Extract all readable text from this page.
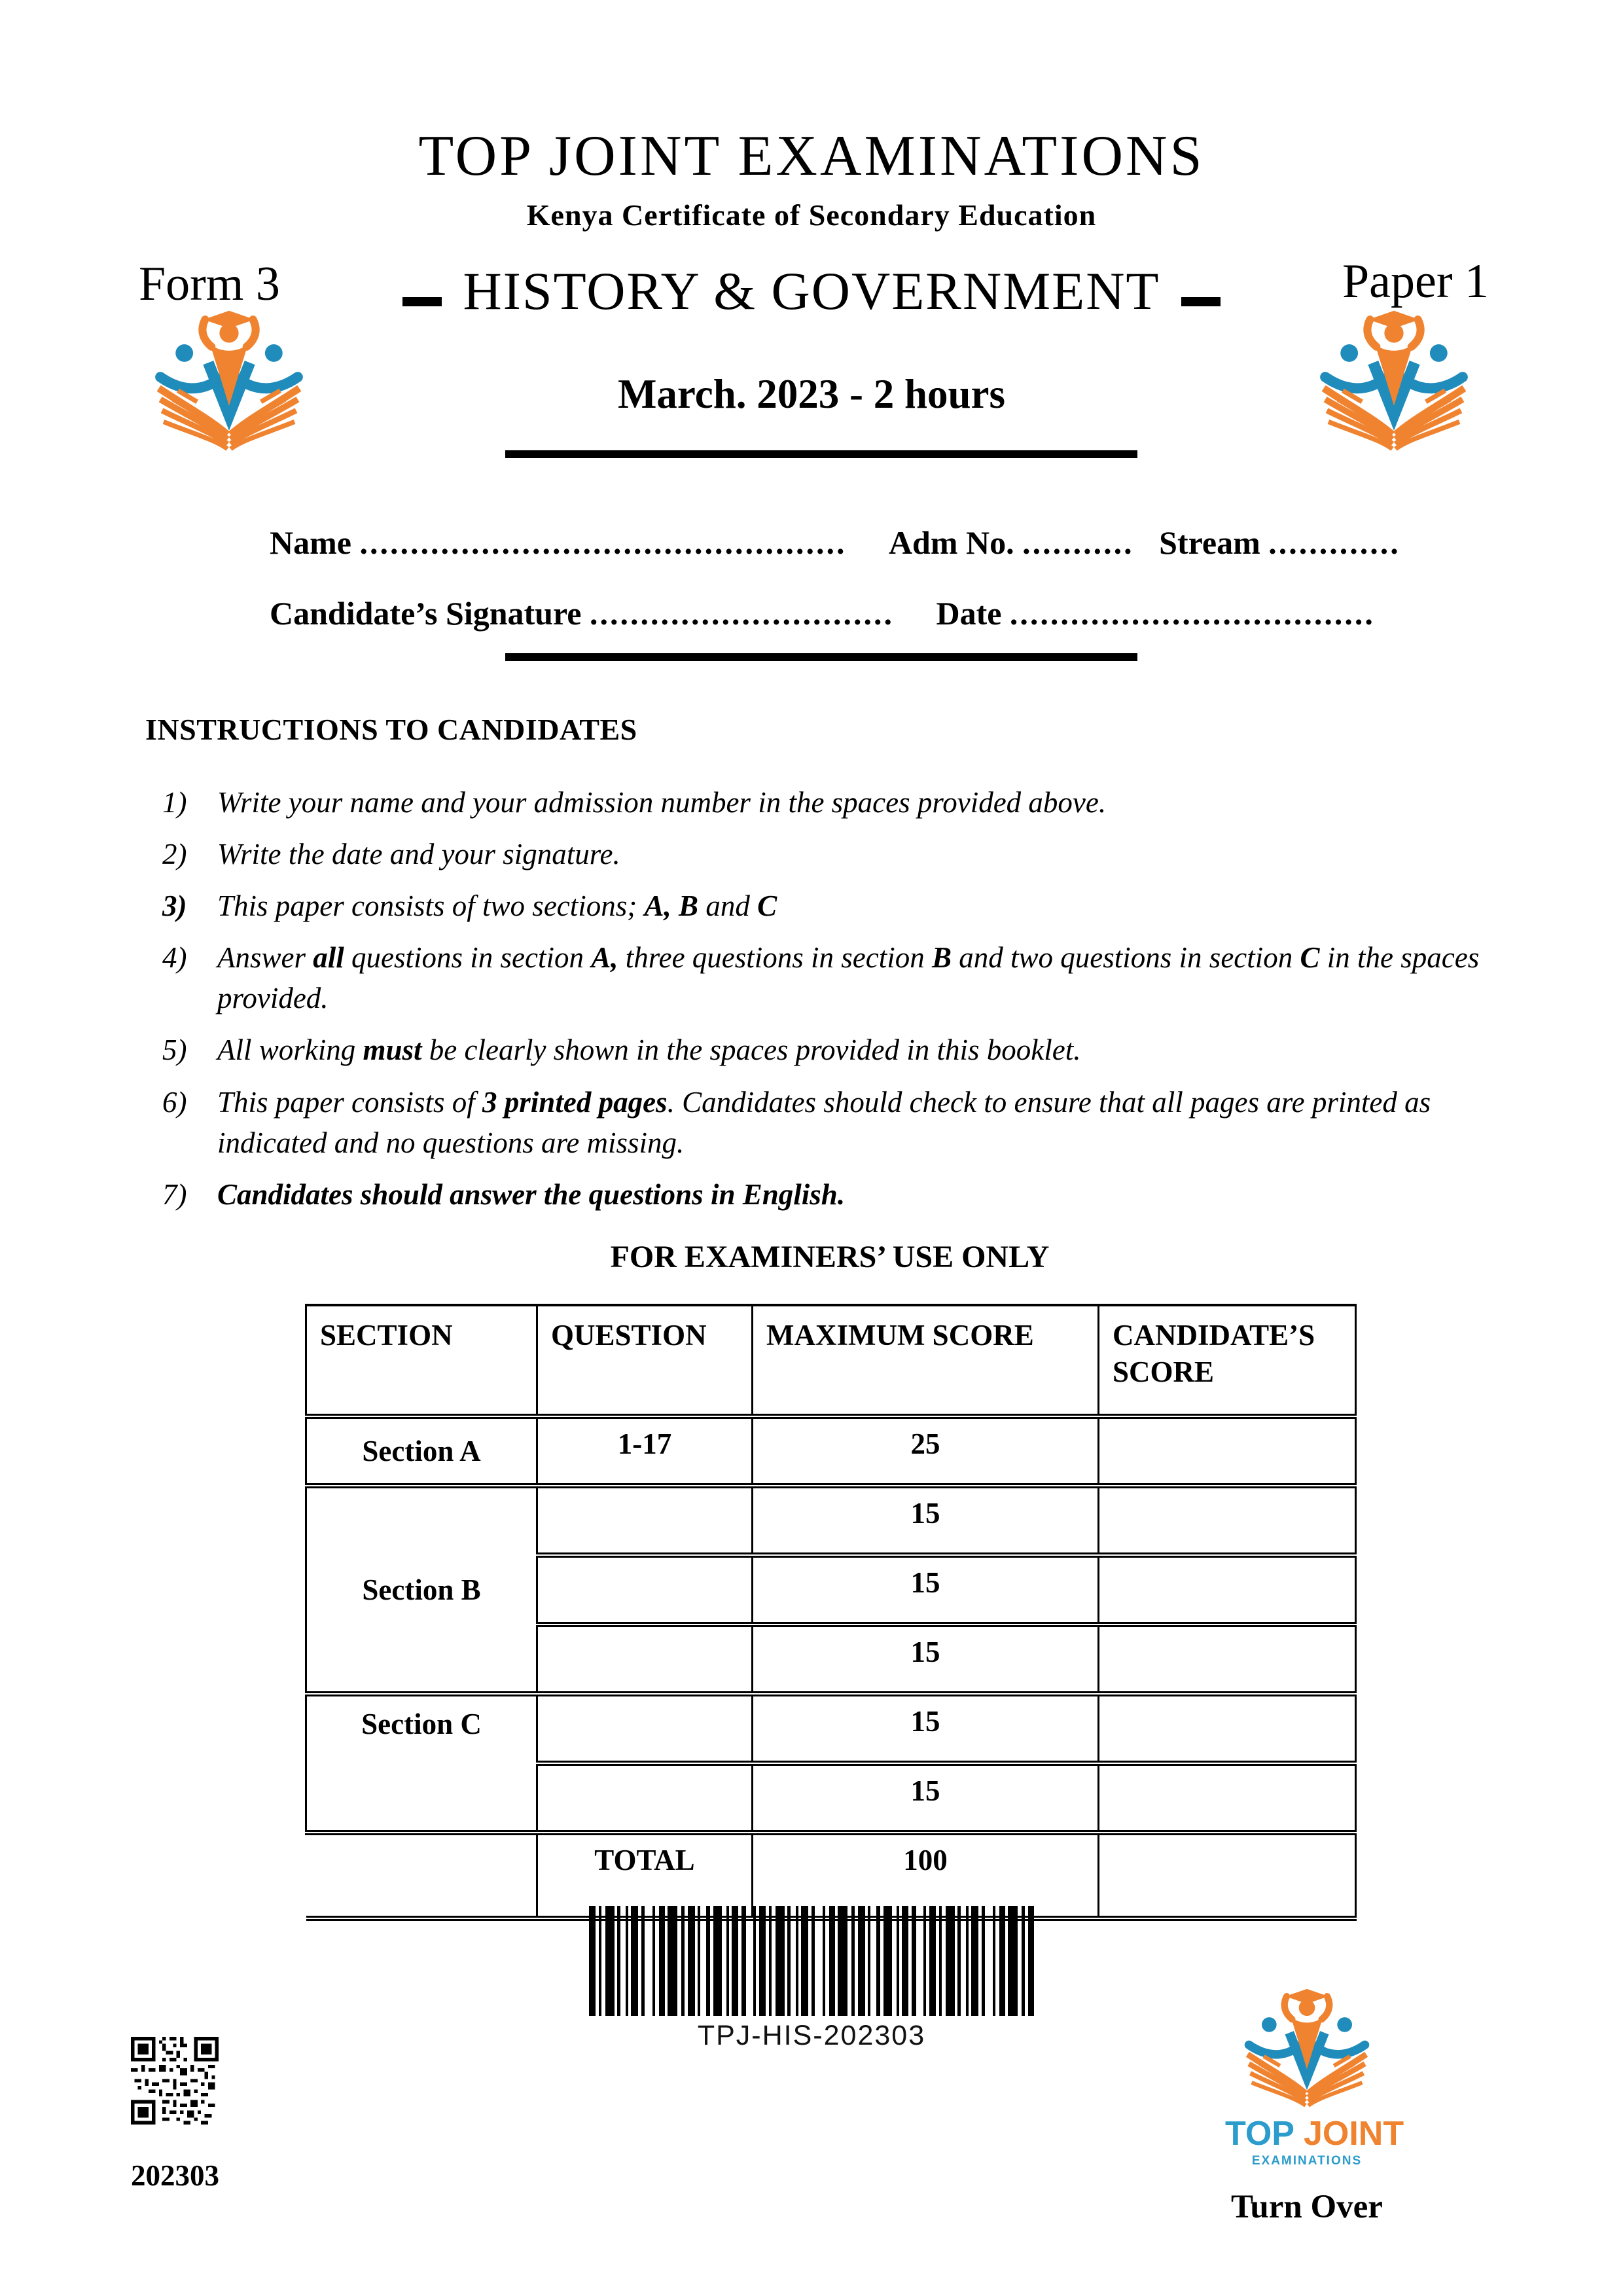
TOP JOINT EXAMINATIONS
Kenya Certificate of Secondary Education
Form 3	HISTORY & GOVERNMENT	Paper 1
March. 2023 - 2 hours
Name ................................................ Adm No. ........... Stream .............
Candidate’s Signature .............................. Date ....................................
INSTRUCTIONS TO CANDIDATES
1)	Write your name and your admission number in the spaces provided above.
2)	Write the date and your signature.
3)	This paper consists of two sections; A, B and C
4)	Answer all questions in section A, three questions in section B and two questions in section C in the spaces provided.
5)	All working must be clearly shown in the spaces provided in this booklet.
6)	This paper consists of 3 printed pages. Candidates should check to ensure that all pages are printed as indicated and no questions are missing.
7)	Candidates should answer the questions in English.
FOR EXAMINERS’ USE ONLY
SECTION	QUESTION	MAXIMUM SCORE	CANDIDATE’S SCORE
Section A	1-17	25	
Section B		15	
		15	
		15	
Section C		15	
		15	
	TOTAL	100	
TPJ-HIS-202303
202303
TOP JOINT
EXAMINATIONS
Turn Over
